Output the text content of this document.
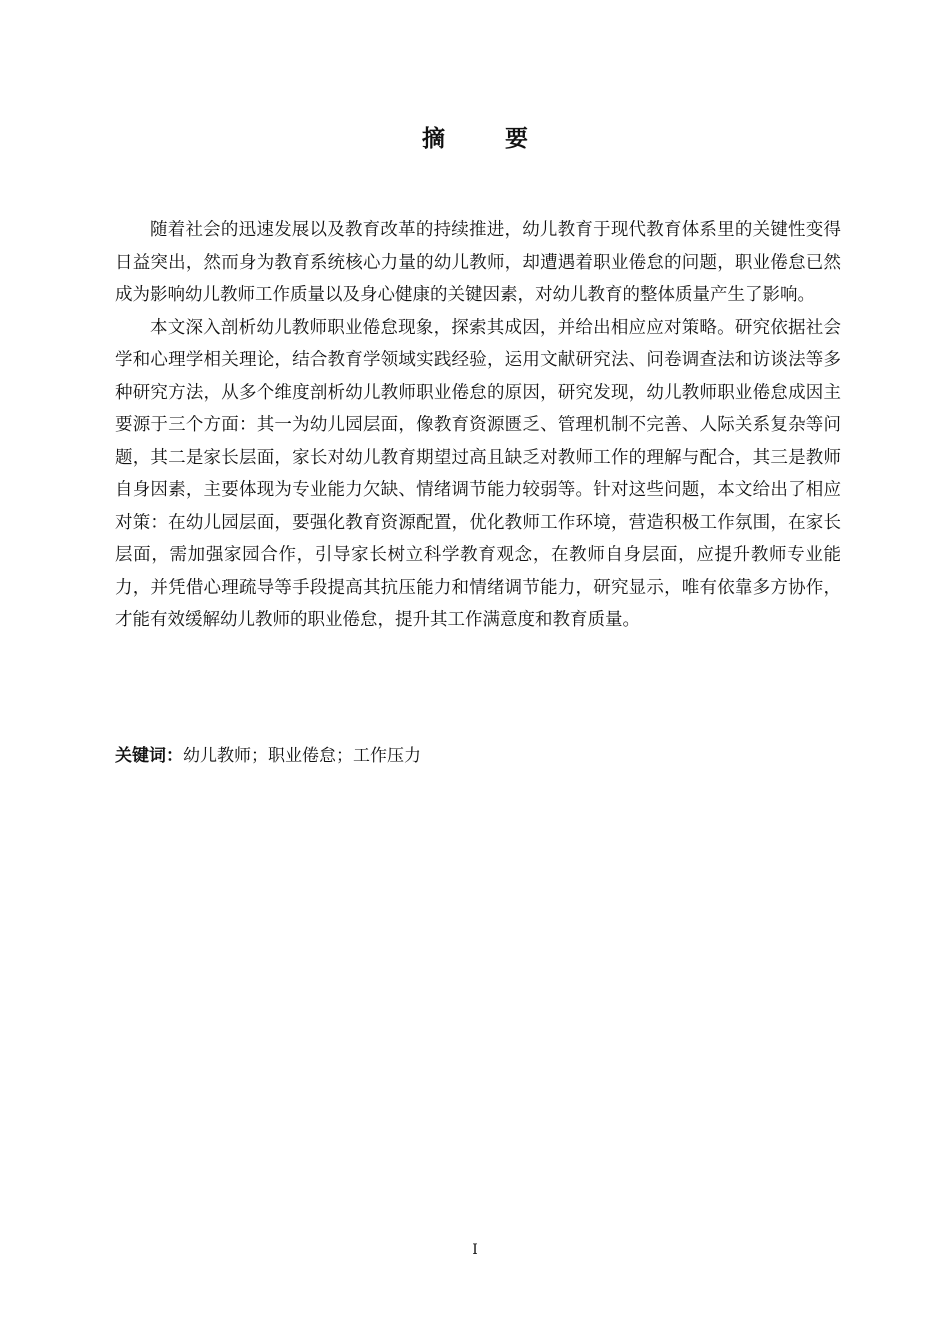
摘 要

随着社会的迅速发展以及教育改革的持续推进，幼儿教育于现代教育体系里的关键性变得日益突出，然而身为教育系统核心力量的幼儿教师，却遭遇着职业倦怠的问题，职业倦怠已然成为影响幼儿教师工作质量以及身心健康的关键因素，对幼儿教育的整体质量产生了影响。

本文深入剖析幼儿教师职业倦怠现象，探索其成因，并给出相应应对策略。研究依据社会学和心理学相关理论，结合教育学领域实践经验，运用文献研究法、问卷调查法和访谈法等多种研究方法，从多个维度剖析幼儿教师职业倦怠的原因，研究发现，幼儿教师职业倦怠成因主要源于三个方面：其一为幼儿园层面，像教育资源匮乏、管理机制不完善、人际关系复杂等问题，其二是家长层面，家长对幼儿教育期望过高且缺乏对教师工作的理解与配合，其三是教师自身因素，主要体现为专业能力欠缺、情绪调节能力较弱等。针对这些问题，本文给出了相应对策：在幼儿园层面，要强化教育资源配置，优化教师工作环境，营造积极工作氛围，在家长层面，需加强家园合作，引导家长树立科学教育观念，在教师自身层面，应提升教师专业能力，并凭借心理疏导等手段提高其抗压能力和情绪调节能力，研究显示，唯有依靠多方协作，才能有效缓解幼儿教师的职业倦怠，提升其工作满意度和教育质量。

关键词：幼儿教师；职业倦怠；工作压力
I
